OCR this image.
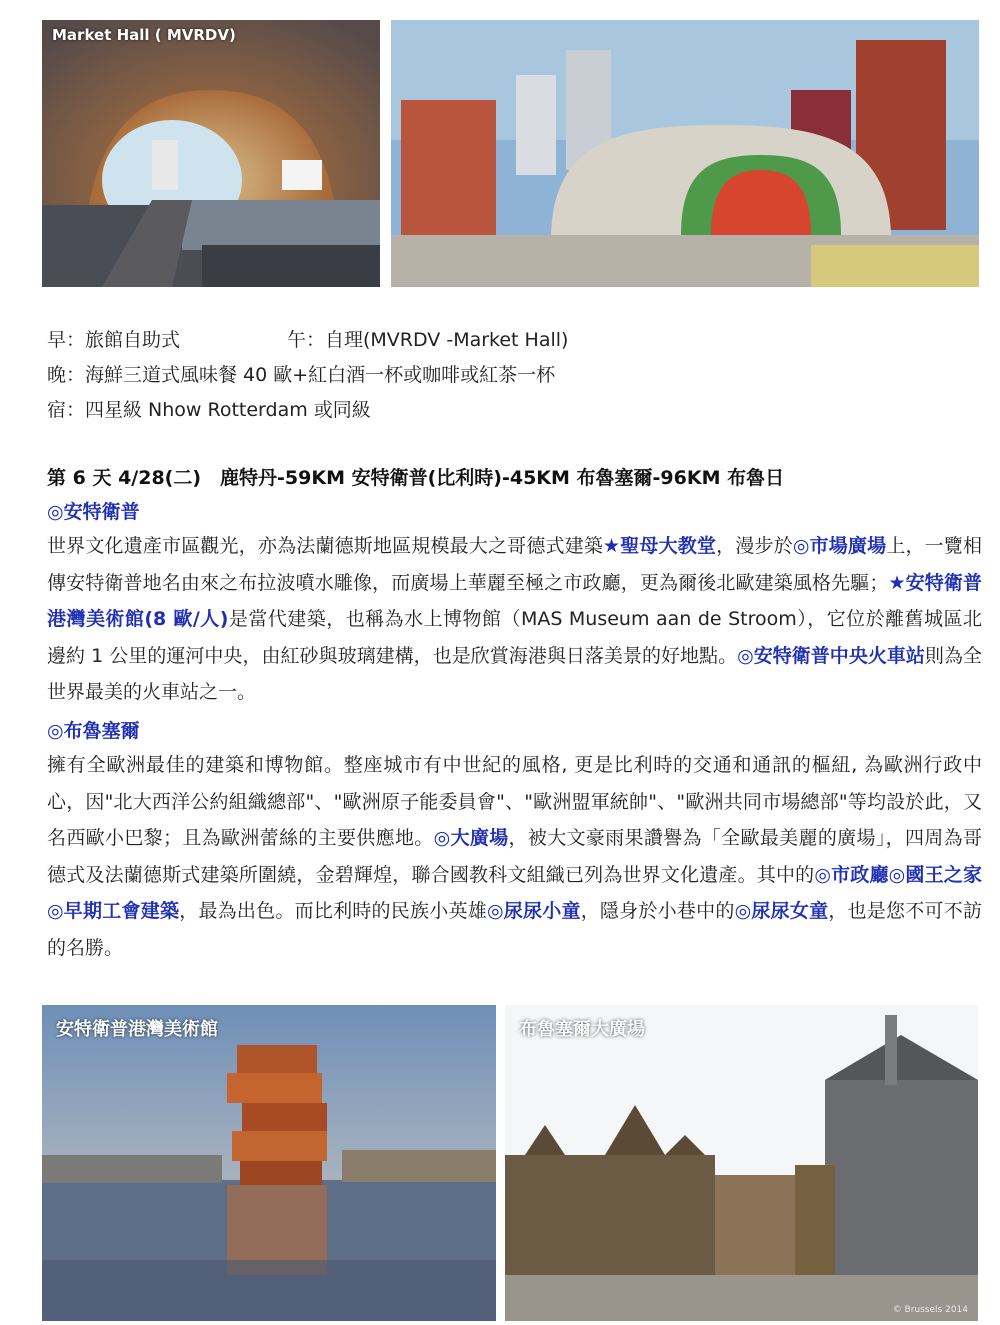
Market Hall ( MVRDV)
早：旅館自助式	午：自理(MVRDV -Market Hall)
晚：海鮮三道式風味餐 40 歐+紅白酒一杯或咖啡或紅茶一杯
宿：四星級 Nhow Rotterdam 或同級
第 6 天 4/28(二)　鹿特丹-59KM 安特衛普(比利時)-45KM 布魯塞爾-96KM 布魯日
◎安特衛普
世界文化遺產市區觀光，亦為法蘭德斯地區規模最大之哥德式建築★聖母大教堂，漫步於◎市場廣場上，一覽相傳安特衛普地名由來之布拉波噴水雕像，而廣場上華麗至極之市政廳，更為爾後北歐建築風格先驅；★安特衛普港灣美術館(8 歐/人)是當代建築，也稱為水上博物館（MAS Museum aan de Stroom），它位於離舊城區北邊約 1 公里的運河中央，由紅砂與玻璃建構，也是欣賞海港與日落美景的好地點。◎安特衛普中央火車站則為全世界最美的火車站之一。
◎布魯塞爾
擁有全歐洲最佳的建築和博物館。整座城市有中世紀的風格, 更是比利時的交通和通訊的樞紐, 為歐洲行政中心，因"北大西洋公約組織總部"、"歐洲原子能委員會"、"歐洲盟軍統帥"、"歐洲共同市場總部"等均設於此，又名西歐小巴黎；且為歐洲蕾絲的主要供應地。◎大廣場，被大文豪雨果讚譽為「全歐最美麗的廣場」，四周為哥德式及法蘭德斯式建築所圍繞，金碧輝煌，聯合國教科文組織已列為世界文化遺產。其中的◎市政廳◎國王之家◎早期工會建築，最為出色。而比利時的民族小英雄◎尿尿小童，隱身於小巷中的◎尿尿女童，也是您不可不訪的名勝。
安特衛普港灣美術館	布魯塞爾大廣場
© Brussels 2014
